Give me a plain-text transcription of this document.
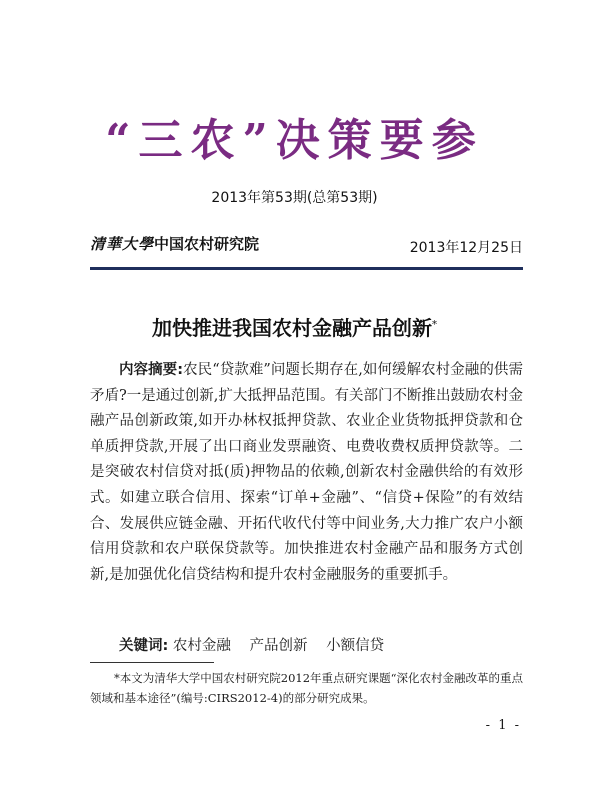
“三农”决策要参
2013年第53期(总第53期)
清華大學中国农村研究院	2013年12月25日
加快推进我国农村金融产品创新*

内容摘要:农民“贷款难”问题长期存在,如何缓解农村金融的供需矛盾?一是通过创新,扩大抵押品范围。有关部门不断推出鼓励农村金融产品创新政策,如开办林权抵押贷款、农业企业货物抵押贷款和仓单质押贷款,开展了出口商业发票融资、电费收费权质押贷款等。二是突破农村信贷对抵(质)押物品的依赖,创新农村金融供给的有效形式。如建立联合信用、探索“订单+金融”、“信贷+保险”的有效结合、发展供应链金融、开拓代收代付等中间业务,大力推广农户小额信用贷款和农户联保贷款等。加快推进农村金融产品和服务方式创新,是加强优化信贷结构和提升农村金融服务的重要抓手。

关键词: 农村金融 产品创新 小额信贷

*本文为清华大学中国农村研究院2012年重点研究课题“深化农村金融改革的重点领域和基本途径”(编号:CIRS2012-4)的部分研究成果。

- 1 -
